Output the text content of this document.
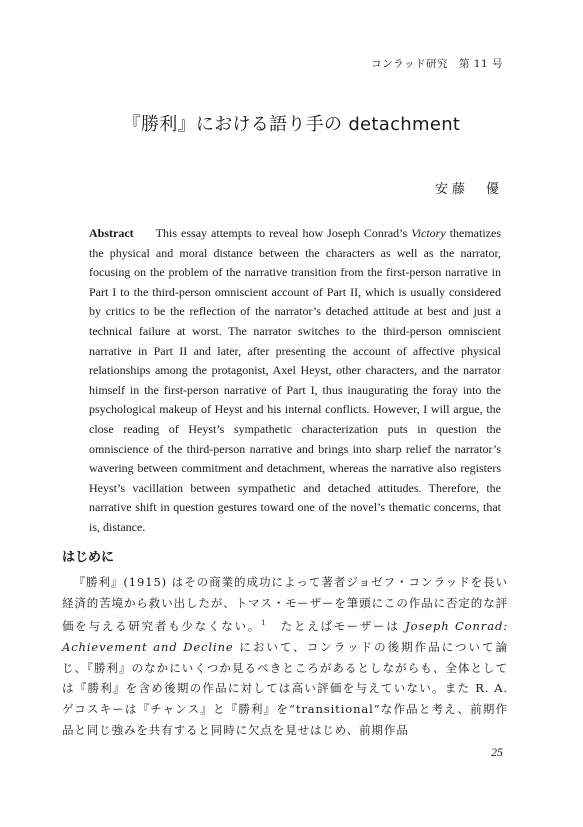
コンラッド研究　第 11 号
『勝利』における語り手の detachment
安藤　優
Abstract This essay attempts to reveal how Joseph Conrad’s Victory thematizes the physical and moral distance between the characters as well as the narrator, focusing on the problem of the narrative transition from the first-person narrative in Part I to the third-person omniscient account of Part II, which is usually considered by critics to be the reflection of the narrator’s detached attitude at best and just a technical failure at worst. The narrator switches to the third-person omniscient narrative in Part II and later, after presenting the account of affective physical relationships among the protagonist, Axel Heyst, other characters, and the narrator himself in the first-person narrative of Part I, thus inaugurating the foray into the psychological makeup of Heyst and his internal conflicts. However, I will argue, the close reading of Heyst’s sympathetic characterization puts in question the omniscience of the third-person narrative and brings into sharp relief the narrator’s wavering between commitment and detachment, whereas the narrative also registers Heyst’s vacillation between sympathetic and detached attitudes. Therefore, the narrative shift in question gestures toward one of the novel’s thematic concerns, that is, distance.
はじめに

『勝利』(1915) はその商業的成功によって著者ジョゼフ・コンラッドを長い経済的苦境から救い出したが、トマス・モーザーを筆頭にこの作品に否定的な評価を与える研究者も少なくない。$^1$　たとえばモーザーは Joseph Conrad: Achievement and Decline において、コンラッドの後期作品について論じ、『勝利』のなかにいくつか見るべきところがあるとしながらも、全体としては『勝利』を含め後期の作品に対しては高い評価を与えていない。また R. A. ゲコスキーは『チャンス』と『勝利』を“transitional”な作品と考え、前期作品と同じ強みを共有すると同時に欠点を見せはじめ、前期作品

25
